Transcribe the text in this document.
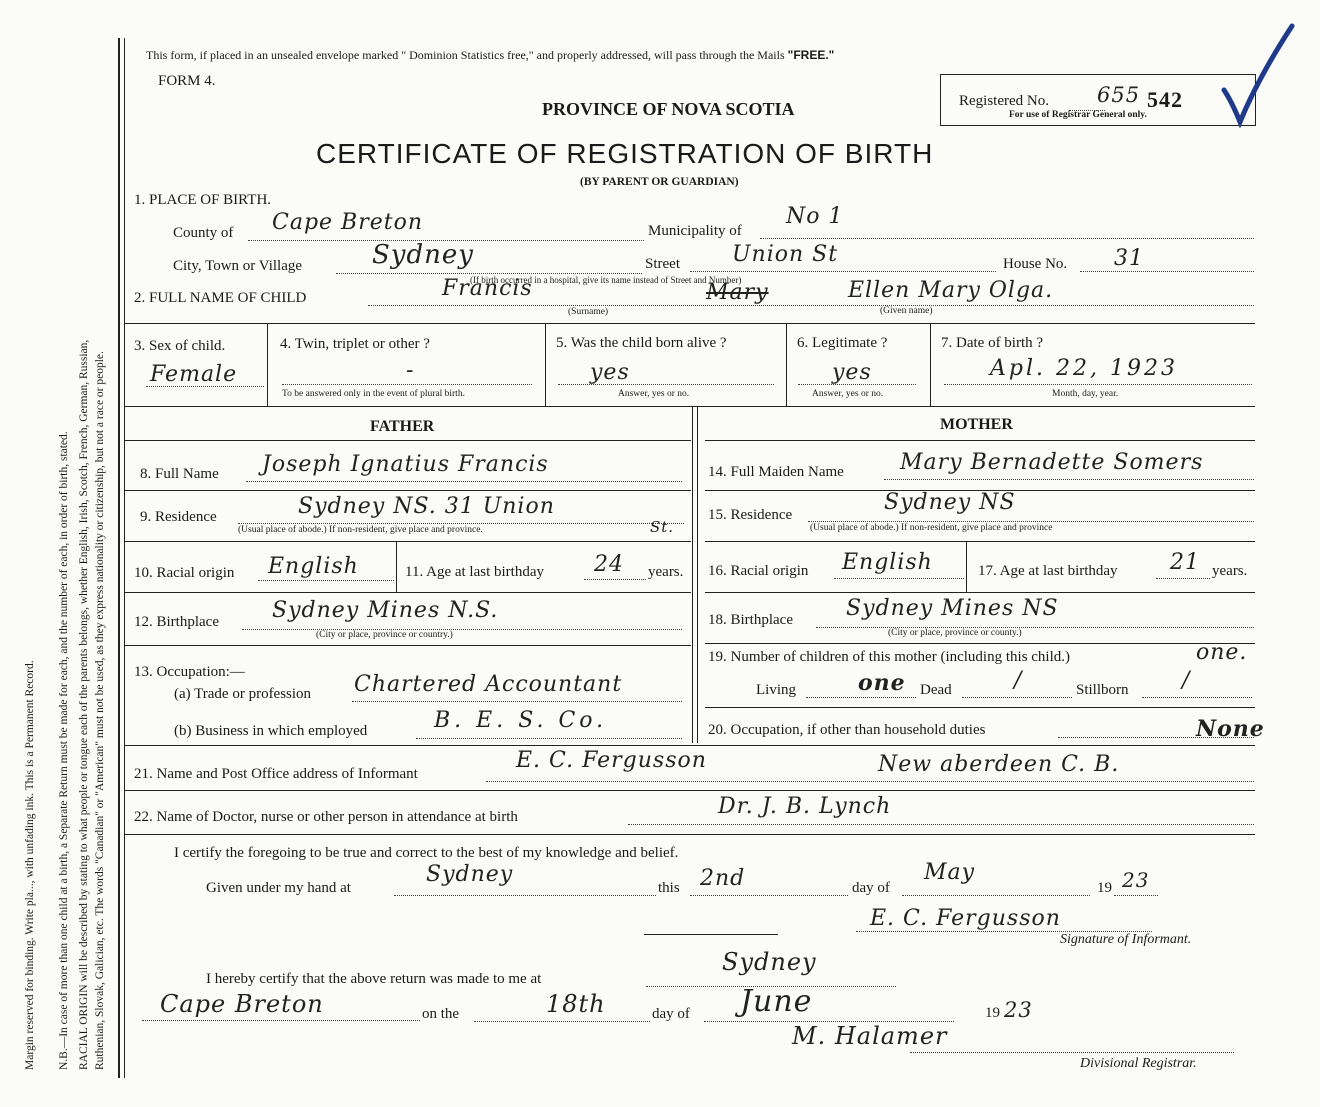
Margin reserved for binding. Write pla..., with unfading ink. This is a Permanent Record. N.B.—In case of more than one child at a birth, a Separate Return must be made for each, and the number of each, in order of birth, stated. RACIAL ORIGIN will be described by stating to what people or tongue each of the parents belongs, whether English, Irish, Scotch, French, German, Russian, Ruthenian, Slovak, Galician, etc. The words "Canadian" or "American" must not be used, as they express nationality or citizenship, but not a race or people.
This form, if placed in an unsealed envelope marked " Dominion Statistics free," and properly addressed, will pass through the Mails "FREE."
FORM 4.
PROVINCE OF NOVA SCOTIA
CERTIFICATE OF REGISTRATION OF BIRTH
(BY PARENT OR GUARDIAN)
Registered No. 655 542
For use of Registrar General only.
1. PLACE OF BIRTH.
County of Cape Breton	Municipality of
No 1
City, Town or Village	Sydney	Street Union St	House No. 31
(If birth occurred in a hospital, give its name instead of Street and Number)
2. FULL NAME OF CHILD	Francis	Mary	Ellen Mary Olga.
(Surname)	(Given name)
3. Sex of child.
Female
4. Twin, triplet or other ?
-
To be answered only in the event of plural birth.
5. Was the child born alive ?
yes
Answer, yes or no.
6. Legitimate ?
yes
Answer, yes or no.
7. Date of birth ?
Apl. 22, 1923
Month, day, year.
FATHER	MOTHER
8. Full Name Joseph Ignatius Francis
9. Residence	Sydney NS. 31 Union
St.
(Usual place of abode.) If non-resident, give place and province.
10. Racial origin English	11. Age at last birthday 24 years.
12. Birthplace Sydney Mines N.S.
(City or place, province or country.)
13. Occupation:—
(a) Trade or profession Chartered Accountant
(b) Business in which employed	B. E. S. Co.
14. Full Maiden Name	Mary Bernadette Somers
15. Residence	Sydney NS
(Usual place of abode.) If non-resident, give place and province
16. Racial origin English	17. Age at last birthday 21 years.
18. Birthplace Sydney Mines NS
(City or place, province or county.)
19. Number of children of this mother (including this child.)	one.
Living	one Dead	/	Stillborn /
20. Occupation, if other than household duties	None
21. Name and Post Office address of Informant
E. C. Fergusson	New aberdeen C. B.
22. Name of Doctor, nurse or other person in attendance at birth	Dr. J. B. Lynch
I certify the foregoing to be true and correct to the best of my knowledge and belief.
Given under my hand at
Sydney
this 2nd	day of
May
19 23
E. C. Fergusson
Signature of Informant.
I hereby certify that the above return was made to me at
Sydney
Cape Breton	on the	18th	day of June	19 23
M. Halamer
Divisional Registrar.
